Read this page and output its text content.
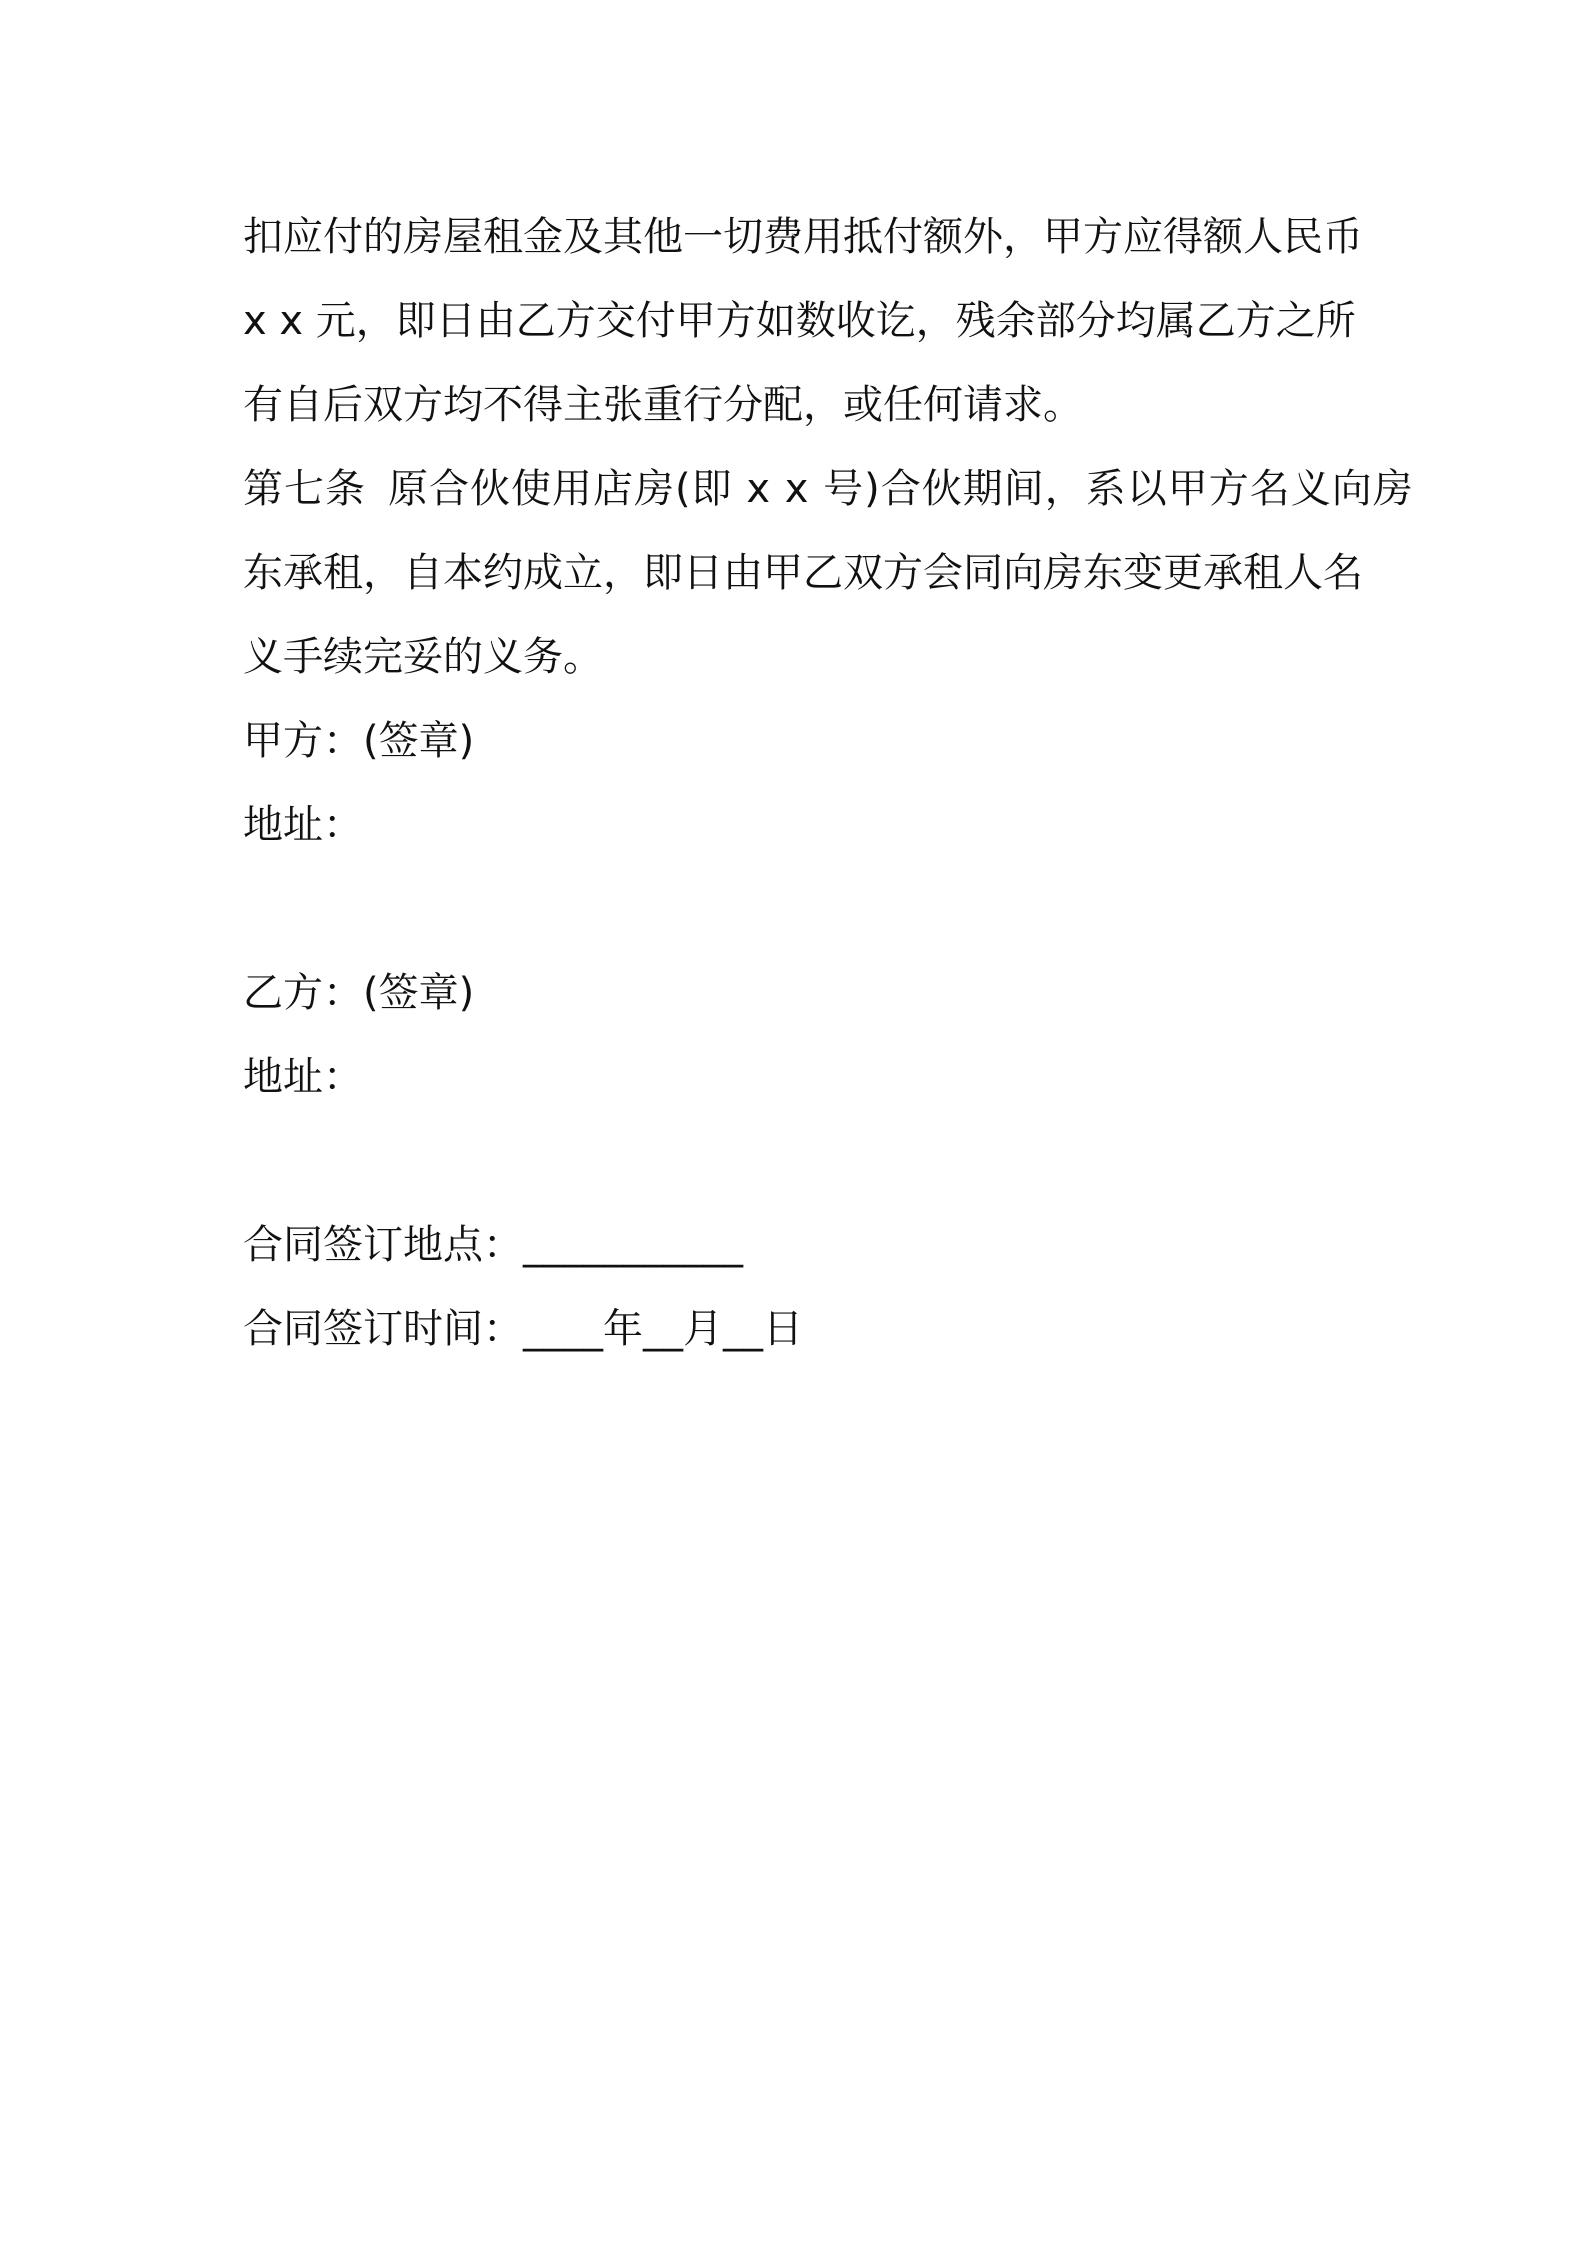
扣应付的房屋租金及其他一切费用抵付额外，甲方应得额人民币

x x 元，即日由乙方交付甲方如数收讫，残余部分均属乙方之所

有自后双方均不得主张重行分配，或任何请求。

第七条 原合伙使用店房(即 x x 号)合伙期间，系以甲方名义向房

东承租，自本约成立，即日由甲乙双方会同向房东变更承租人名

义手续完妥的义务。

甲方：(签章)

地址：

乙方：(签章)

地址：

合同签订地点：___________

合同签订时间：____年__月__日
